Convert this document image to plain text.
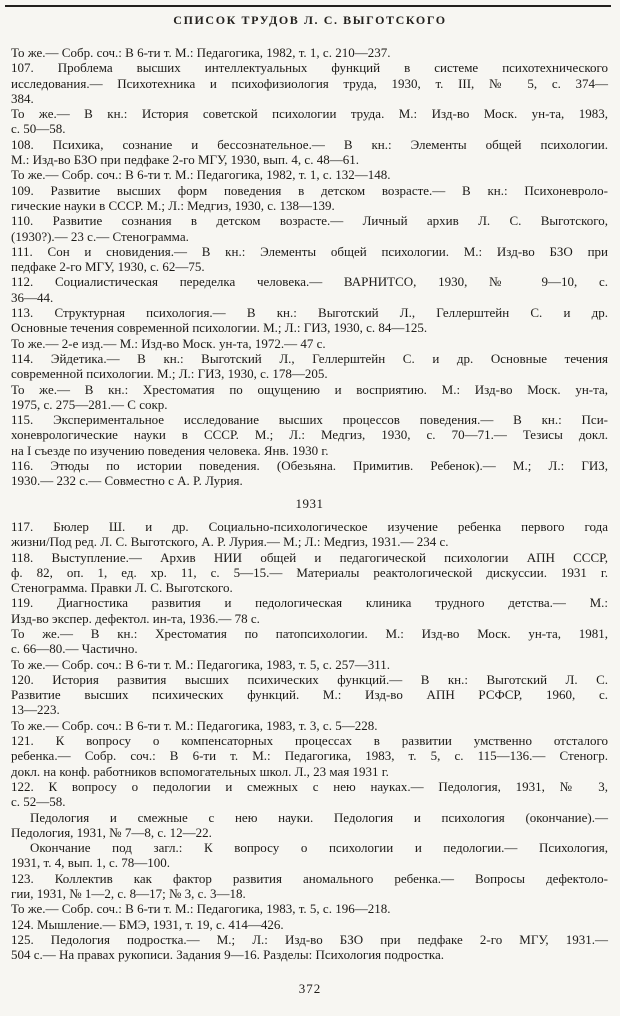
СПИСОК ТРУДОВ Л. С. ВЫГОТСКОГО
То же.— Собр. соч.: В 6-ти т. М.: Педагогика, 1982, т. 1, с. 210—237.
107. Проблема высших интеллектуальных функций в системе психотехнического
исследования.— Психотехника и психофизиология труда, 1930, т. III, № 5, с. 374—
384.
То же.— В кн.: История советской психологии труда. М.: Изд-во Моск. ун-та, 1983,
с. 50—58.
108. Психика, сознание и бессознательное.— В кн.: Элементы общей психологии.
М.: Изд-во БЗО при педфаке 2-го МГУ, 1930, вып. 4, с. 48—61.
То же.— Собр. соч.: В 6-ти т. М.: Педагогика, 1982, т. 1, с. 132—148.
109. Развитие высших форм поведения в детском возрасте.— В кн.: Психоневроло-
гические науки в СССР. М.; Л.: Медгиз, 1930, с. 138—139.
110. Развитие сознания в детском возрасте.— Личный архив Л. С. Выготского,
(1930?).— 23 с.— Стенограмма.
111. Сон и сновидения.— В кн.: Элементы общей психологии. М.: Изд-во БЗО при
педфаке 2-го МГУ, 1930, с. 62—75.
112. Социалистическая переделка человека.— ВАРНИТСО, 1930, № 9—10, с.
36—44.
113. Структурная психология.— В кн.: Выготский Л., Геллерштейн С. и др.
Основные течения современной психологии. М.; Л.: ГИЗ, 1930, с. 84—125.
То же.— 2-е изд.— М.: Изд-во Моск. ун-та, 1972.— 47 с.
114. Эйдетика.— В кн.: Выготский Л., Геллерштейн С. и др. Основные течения
современной психологии. М.; Л.: ГИЗ, 1930, с. 178—205.
То же.— В кн.: Хрестоматия по ощущению и восприятию. М.: Изд-во Моск. ун-та,
1975, с. 275—281.— С сокр.
115. Экспериментальное исследование высших процессов поведения.— В кн.: Пси-
хоневрологические науки в СССР. М.; Л.: Медгиз, 1930, с. 70—71.— Тезисы докл.
на I съезде по изучению поведения человека. Янв. 1930 г.
116. Этюды по истории поведения. (Обезьяна. Примитив. Ребенок).— М.; Л.: ГИЗ,
1930.— 232 с.— Совместно с А. Р. Лурия.
1931
117. Бюлер Ш. и др. Социально-психологическое изучение ребенка первого года
жизни/Под ред. Л. С. Выготского, А. Р. Лурия.— М.; Л.: Медгиз, 1931.— 234 с.
118. Выступление.— Архив НИИ общей и педагогической психологии АПН СССР,
ф. 82, оп. 1, ед. хр. 11, с. 5—15.— Материалы реактологической дискуссии. 1931 г.
Стенограмма. Правки Л. С. Выготского.
119. Диагностика развития и педологическая клиника трудного детства.— М.:
Изд-во экспер. дефектол. ин-та, 1936.— 78 с.
То же.— В кн.: Хрестоматия по патопсихологии. М.: Изд-во Моск. ун-та, 1981,
с. 66—80.— Частично.
То же.— Собр. соч.: В 6-ти т. М.: Педагогика, 1983, т. 5, с. 257—311.
120. История развития высших психических функций.— В кн.: Выготский Л. С.
Развитие высших психических функций. М.: Изд-во АПН РСФСР, 1960, с.
13—223.
То же.— Собр. соч.: В 6-ти т. М.: Педагогика, 1983, т. 3, с. 5—228.
121. К вопросу о компенсаторных процессах в развитии умственно отсталого
ребенка.— Собр. соч.: В 6-ти т. М.: Педагогика, 1983, т. 5, с. 115—136.— Стеногр.
докл. на конф. работников вспомогательных школ. Л., 23 мая 1931 г.
122. К вопросу о педологии и смежных с нею науках.— Педология, 1931, № 3,
с. 52—58.
Педология и смежные с нею науки. Педология и психология (окончание).—
Педология, 1931, № 7—8, с. 12—22.
Окончание под загл.: К вопросу о психологии и педологии.— Психология,
1931, т. 4, вып. 1, с. 78—100.
123. Коллектив как фактор развития аномального ребенка.— Вопросы дефектоло-
гии, 1931, № 1—2, с. 8—17; № 3, с. 3—18.
То же.— Собр. соч.: В 6-ти т. М.: Педагогика, 1983, т. 5, с. 196—218.
124. Мышление.— БМЭ, 1931, т. 19, с. 414—426.
125. Педология подростка.— М.; Л.: Изд-во БЗО при педфаке 2-го МГУ, 1931.—
504 с.— На правах рукописи. Задания 9—16. Разделы: Психология подростка.
372
